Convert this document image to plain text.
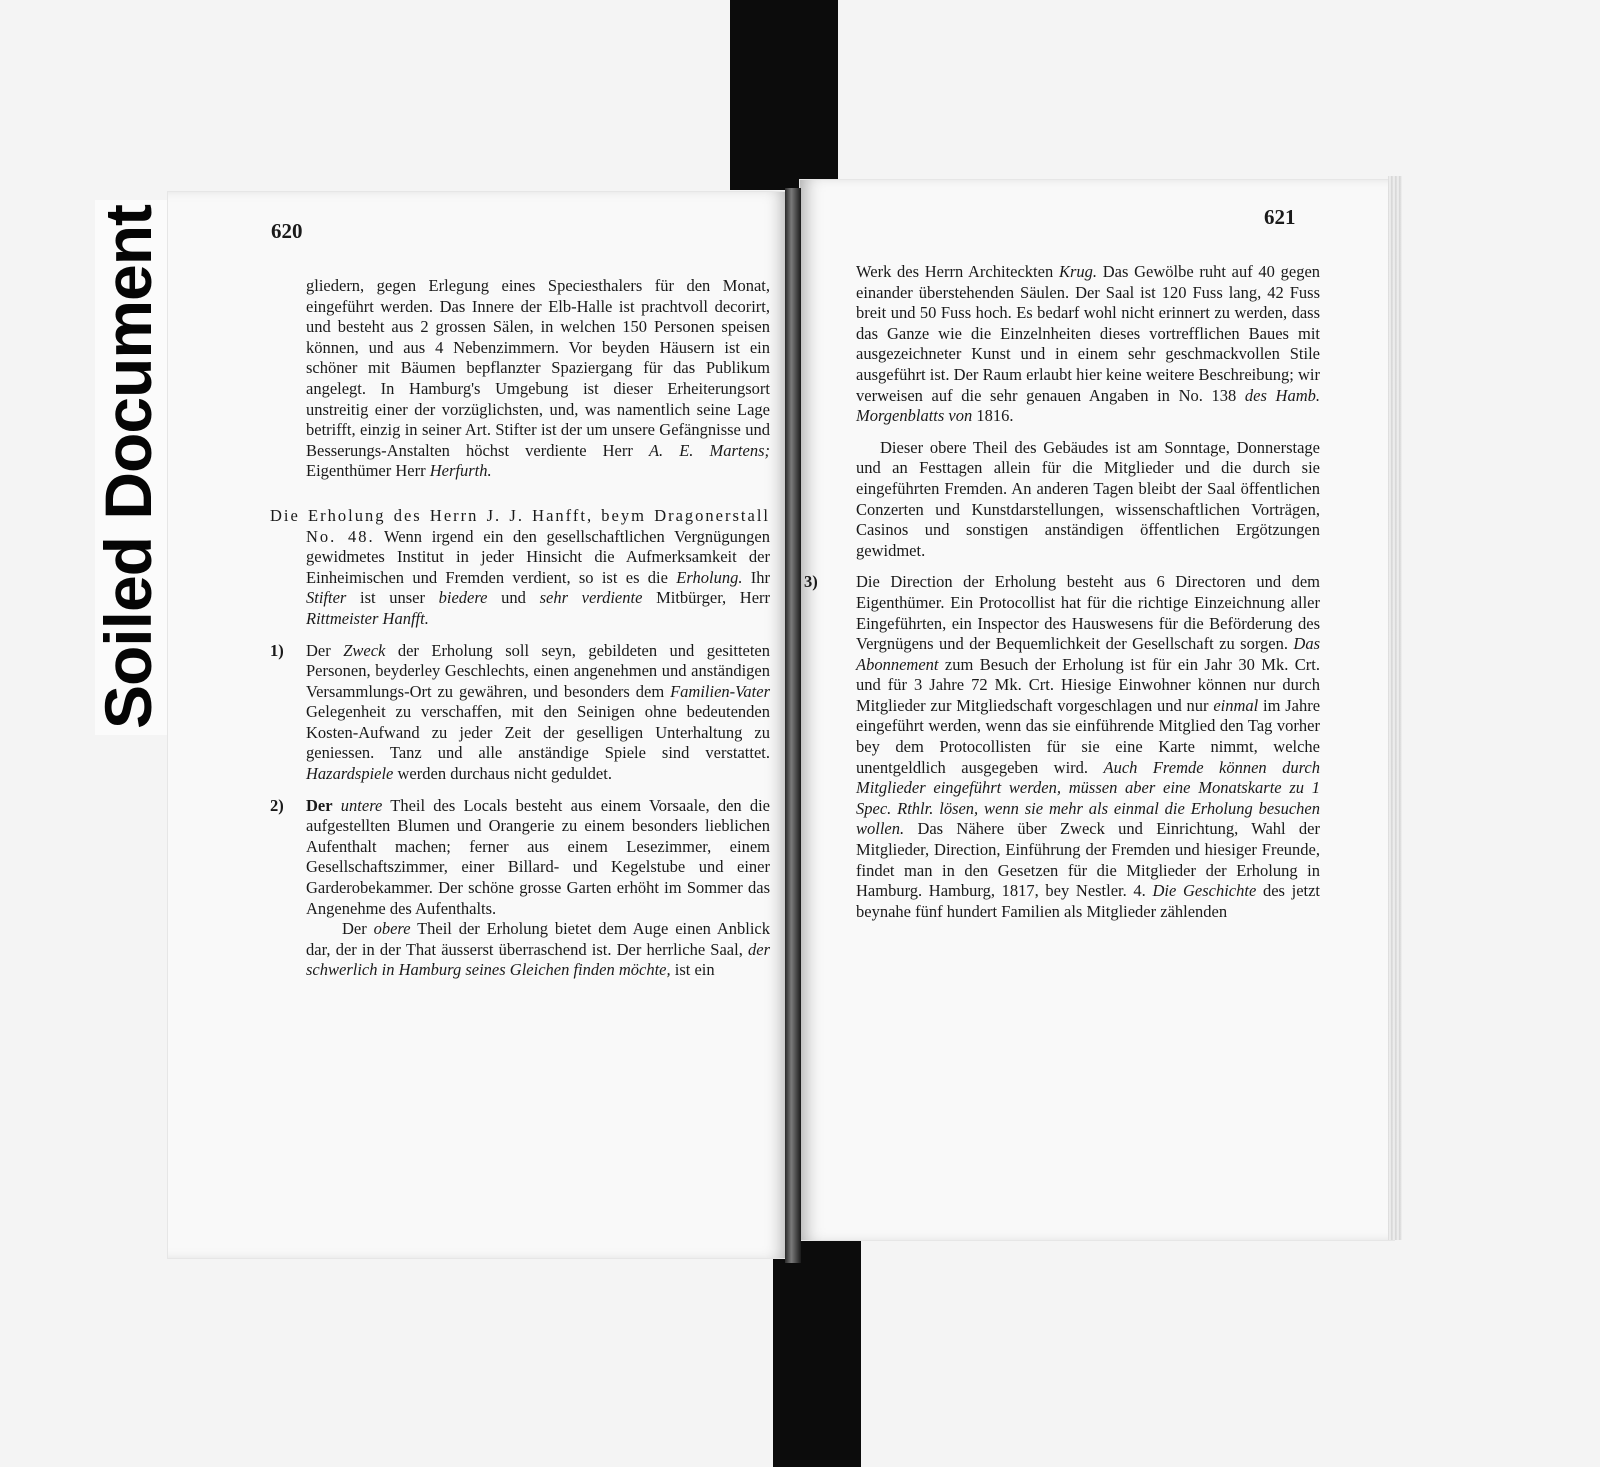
Soiled Document	620
621

gliedern, gegen Erlegung eines Speciesthalers für den Monat, eingeführt werden. Das Innere der Elb-Halle ist prachtvoll decorirt, und besteht aus 2 grossen Sälen, in welchen 150 Personen speisen können, und aus 4 Nebenzimmern. Vor beyden Häusern ist ein schöner mit Bäumen bepflanzter Spaziergang für das Publikum angelegt. In Hamburg's Umgebung ist dieser Erheiterungsort unstreitig einer der vorzüglichsten, und, was namentlich seine Lage betrifft, einzig in seiner Art. Stifter ist der um unsere Gefängnisse und Besserungs-Anstalten höchst verdiente Herr A. E. Martens; Eigenthümer Herr Herfurth.

Die Erholung des Herrn J. J. Hanfft, beym Dragonerstall No. 48. Wenn irgend ein den gesellschaftlichen Vergnügungen gewidmetes Institut in jeder Hinsicht die Aufmerksamkeit der Einheimischen und Fremden verdient, so ist es die Erholung. Ihr Stifter ist unser biedere und sehr verdiente Mitbürger, Herr Rittmeister Hanfft.

1) Der Zweck der Erholung soll seyn, gebildeten und gesitteten Personen, beyderley Geschlechts, einen angenehmen und anständigen Versammlungs-Ort zu gewähren, und besonders dem Familien-Vater Gelegenheit zu verschaffen, mit den Seinigen ohne bedeutenden Kosten-Aufwand zu jeder Zeit der geselligen Unterhaltung zu geniessen. Tanz und alle anständige Spiele sind verstattet. Hazardspiele werden durchaus nicht geduldet.
2) Der untere Theil des Locals besteht aus einem Vorsaale, den die aufgestellten Blumen und Orangerie zu einem besonders lieblichen Aufenthalt machen; ferner aus einem Lesezimmer, einem Gesellschaftszimmer, einer Billard- und Kegelstube und einer Garderobekammer. Der schöne grosse Garten erhöht im Sommer das Angenehme des Aufenthalts.
Der obere Theil der Erholung bietet dem Auge einen Anblick dar, der in der That äusserst überraschend ist. Der herrliche Saal, der schwerlich in Hamburg seines Gleichen finden möchte, ist ein

Werk des Herrn Architeckten Krug. Das Gewölbe ruht auf 40 gegen einander überstehenden Säulen. Der Saal ist 120 Fuss lang, 42 Fuss breit und 50 Fuss hoch. Es bedarf wohl nicht erinnert zu werden, dass das Ganze wie die Einzelnheiten dieses vortrefflichen Baues mit ausgezeichneter Kunst und in einem sehr geschmackvollen Stile ausgeführt ist. Der Raum erlaubt hier keine weitere Beschreibung; wir verweisen auf die sehr genauen Angaben in No. 138 des Hamb. Morgenblatts von 1816.

Dieser obere Theil des Gebäudes ist am Sonntage, Donnerstage und an Festtagen allein für die Mitglieder und die durch sie eingeführten Fremden. An anderen Tagen bleibt der Saal öffentlichen Conzerten und Kunstdarstellungen, wissenschaftlichen Vorträgen, Casinos und sonstigen anständigen öffentlichen Ergötzungen gewidmet.

3) Die Direction der Erholung besteht aus 6 Directoren und dem Eigenthümer. Ein Protocollist hat für die richtige Einzeichnung aller Eingeführten, ein Inspector des Hauswesens für die Beförderung des Vergnügens und der Bequemlichkeit der Gesellschaft zu sorgen. Das Abonnement zum Besuch der Erholung ist für ein Jahr 30 Mk. Crt. und für 3 Jahre 72 Mk. Crt. Hiesige Einwohner können nur durch Mitglieder zur Mitgliedschaft vorgeschlagen und nur einmal im Jahre eingeführt werden, wenn das sie einführende Mitglied den Tag vorher bey dem Protocollisten für sie eine Karte nimmt, welche unentgeldlich ausgegeben wird. Auch Fremde können durch Mitglieder eingeführt werden, müssen aber eine Monatskarte zu 1 Spec. Rthlr. lösen, wenn sie mehr als einmal die Erholung besuchen wollen. Das Nähere über Zweck und Einrichtung, Wahl der Mitglieder, Direction, Einführung der Fremden und hiesiger Freunde, findet man in den Gesetzen für die Mitglieder der Erholung in Hamburg. Hamburg, 1817, bey Nestler. 4. Die Geschichte des jetzt beynahe fünf hundert Familien als Mitglieder zählenden
